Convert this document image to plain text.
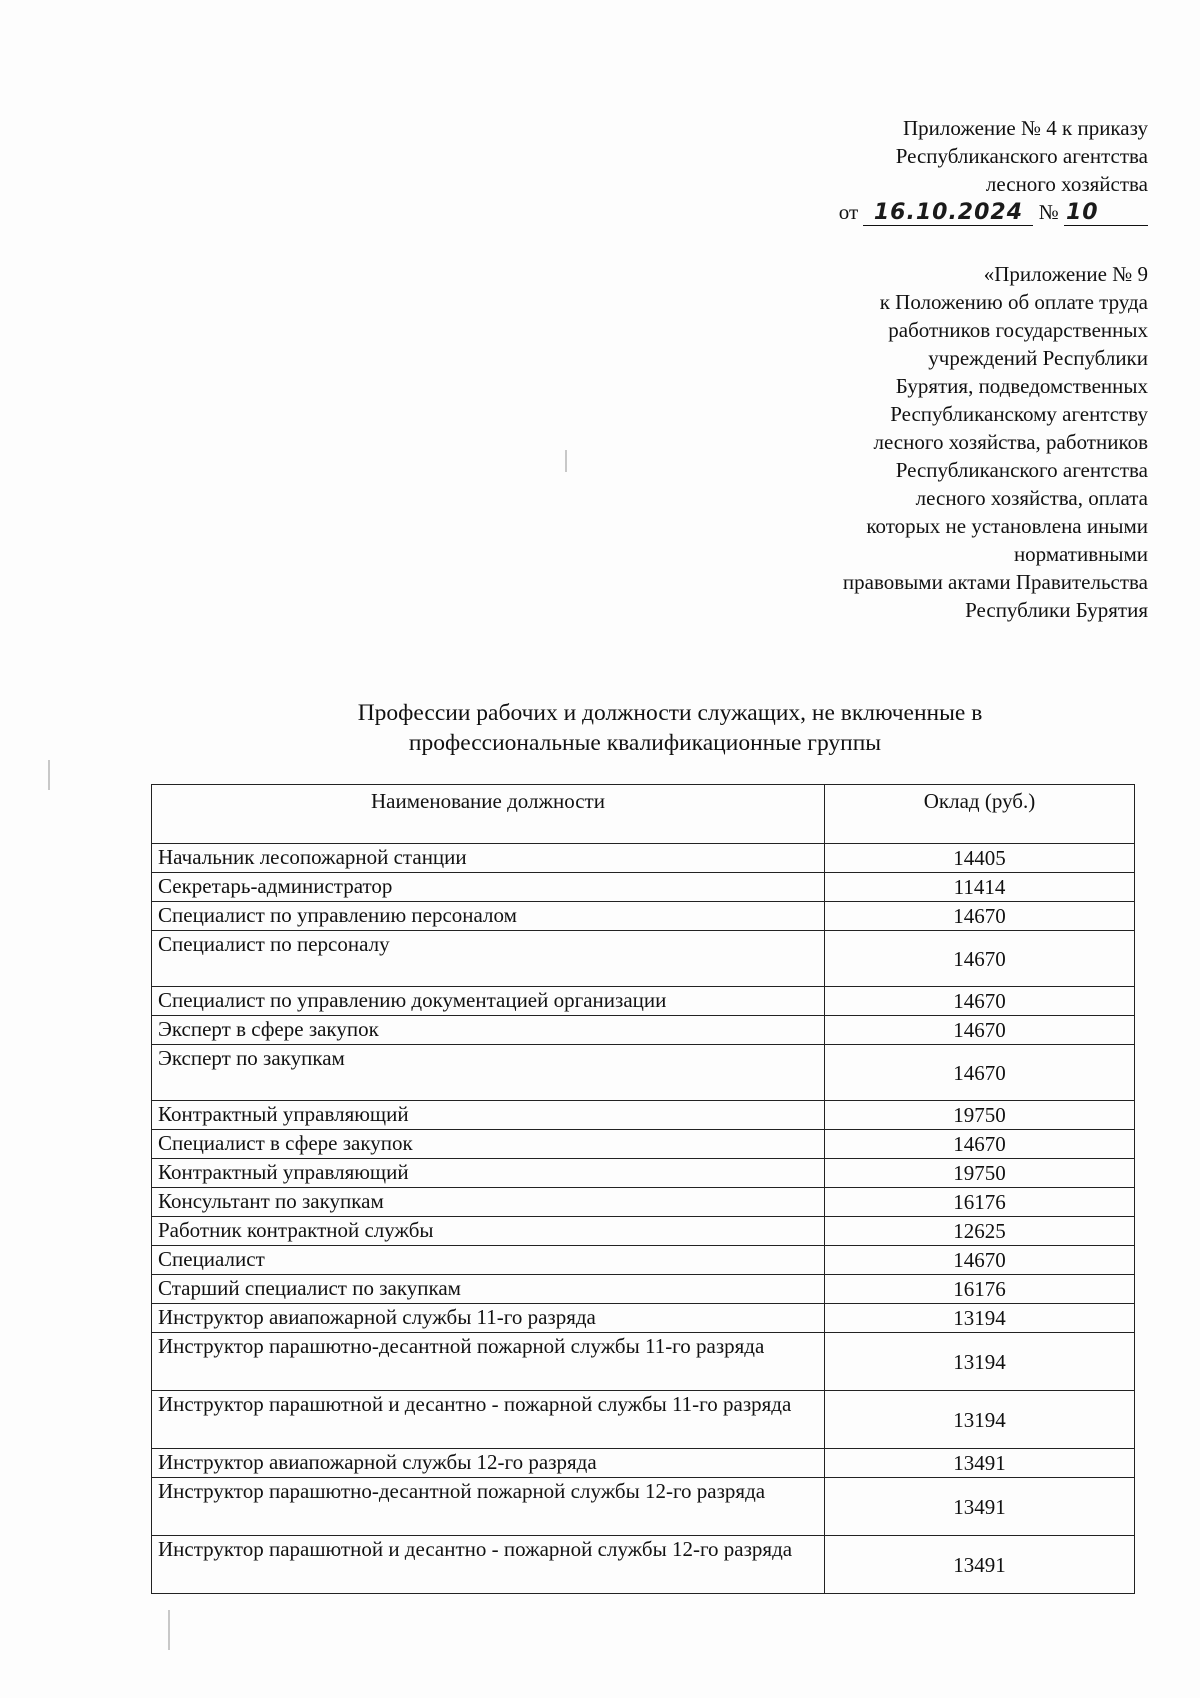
Приложение № 4 к приказу
Республиканского агентства
лесного хозяйства
от 16.10.2024 № 10
«Приложение № 9
к Положению об оплате труда
работников государственных
учреждений Республики
Бурятия, подведомственных
Республиканскому агентству
лесного хозяйства, работников
Республиканского агентства
лесного хозяйства, оплата
которых не установлена иными
нормативными
правовыми актами Правительства
Республики Бурятия
Профессии рабочих и должности служащих, не включенные в
профессиональные квалификационные группы
Наименование должности	Оклад (руб.)
Начальник лесопожарной станции	14405
Секретарь-администратор	11414
Специалист по управлению персоналом	14670
Специалист по персоналу	14670
Специалист по управлению документацией организации	14670
Эксперт в сфере закупок	14670
Эксперт по закупкам	14670
Контрактный управляющий	19750
Специалист в сфере закупок	14670
Контрактный управляющий	19750
Консультант по закупкам	16176
Работник контрактной службы	12625
Специалист	14670
Старший специалист по закупкам	16176
Инструктор авиапожарной службы 11-го разряда	13194
Инструктор парашютно-десантной пожарной службы 11-го разряда	13194
Инструктор парашютной и десантно - пожарной службы 11-го разряда	13194
Инструктор авиапожарной службы 12-го разряда	13491
Инструктор парашютно-десантной пожарной службы 12-го разряда	13491
Инструктор парашютной и десантно - пожарной службы 12-го разряда	13491
